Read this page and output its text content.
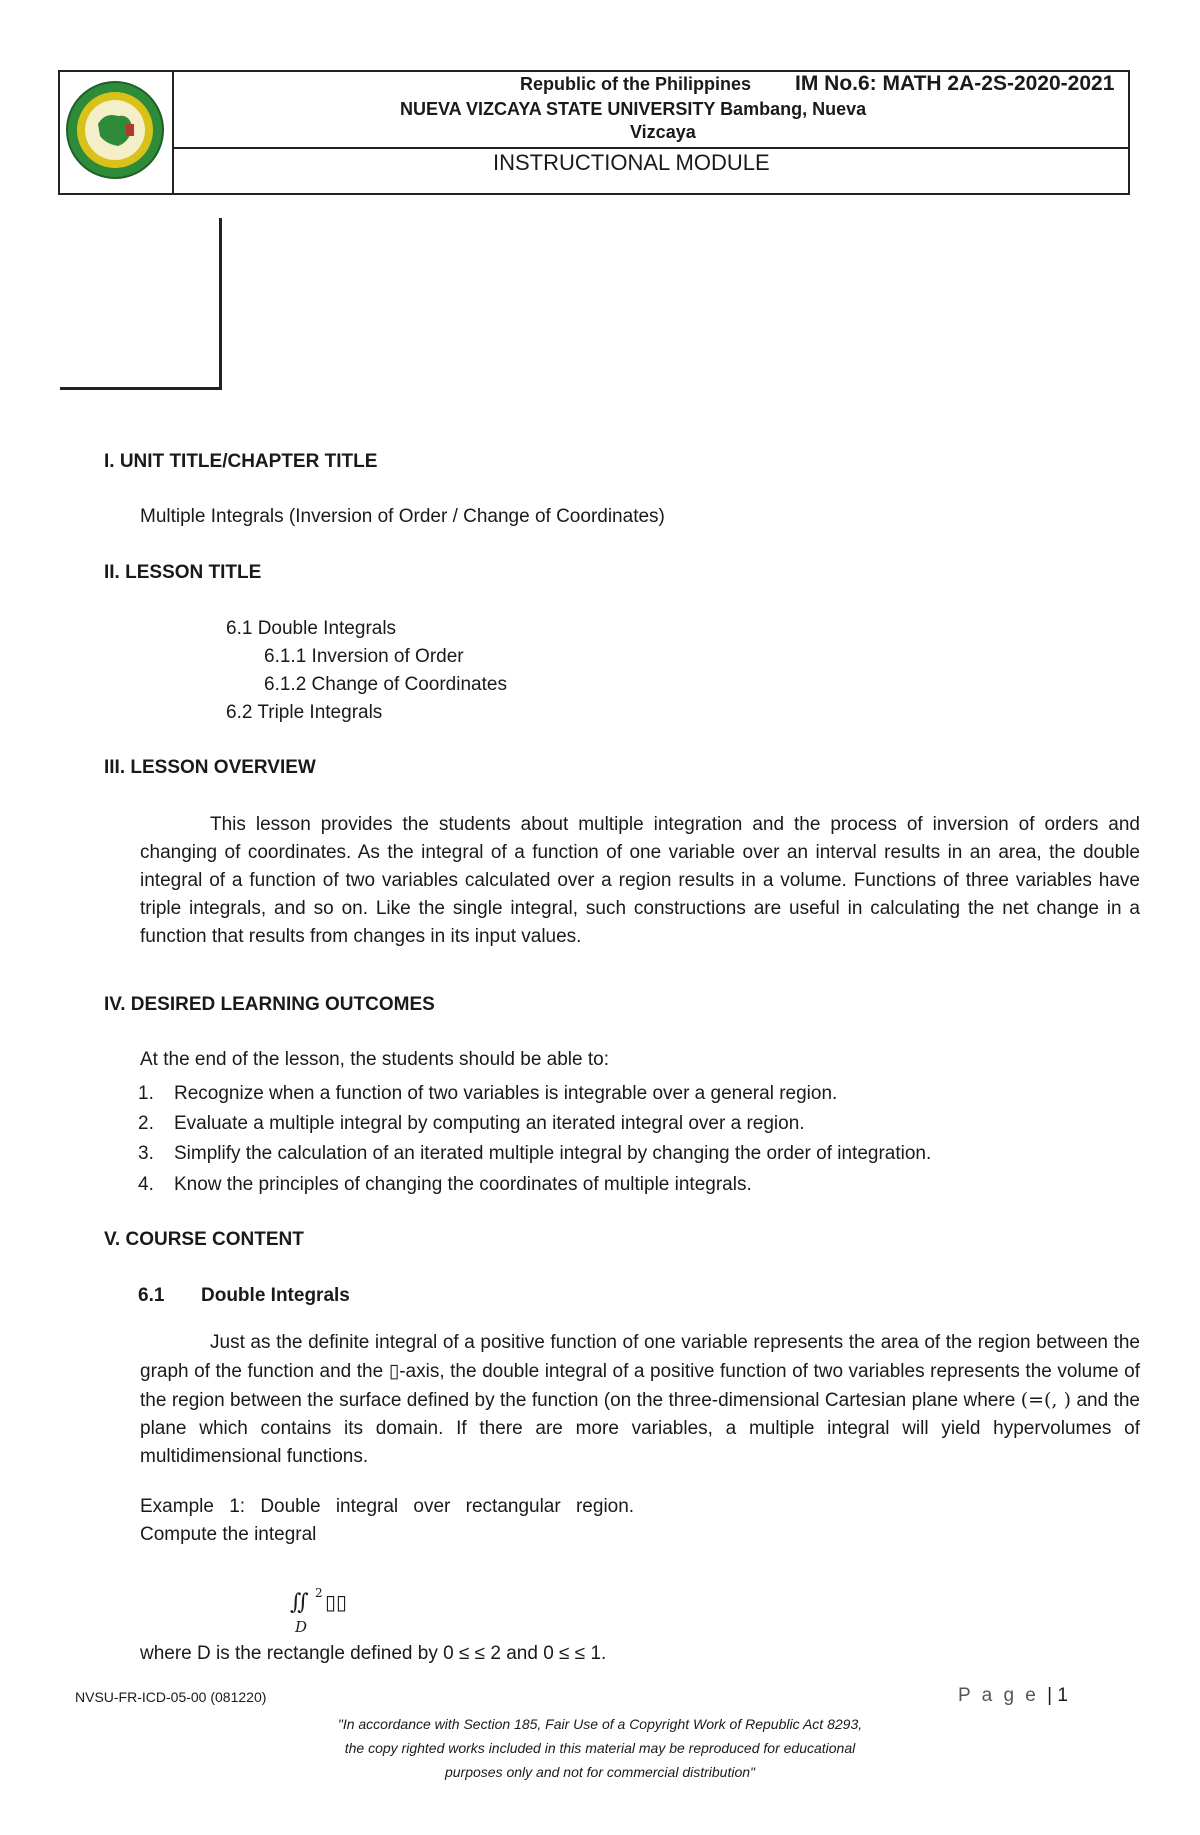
Republic of the Philippines IM No.6: MATH 2A-2S-2020-2021
NUEVA VIZCAYA STATE UNIVERSITY Bambang, Nueva
Vizcaya
INSTRUCTIONAL MODULE
I. UNIT TITLE/CHAPTER TITLE
Multiple Integrals (Inversion of Order / Change of Coordinates)
II. LESSON TITLE
6.1 Double Integrals
6.1.1 Inversion of Order
6.1.2 Change of Coordinates
6.2 Triple Integrals
III. LESSON OVERVIEW
This lesson provides the students about multiple integration and the process of inversion of orders and changing of coordinates. As the integral of a function of one variable over an interval results in an area, the double integral of a function of two variables calculated over a region results in a volume. Functions of three variables have triple integrals, and so on. Like the single integral, such constructions are useful in calculating the net change in a function that results from changes in its input values.
IV. DESIRED LEARNING OUTCOMES
At the end of the lesson, the students should be able to:
1. Recognize when a function of two variables is integrable over a general region.
2. Evaluate a multiple integral by computing an iterated integral over a region.
3. Simplify the calculation of an iterated multiple integral by changing the order of integration.
4. Know the principles of changing the coordinates of multiple integrals.
V. COURSE CONTENT
6.1 Double Integrals
Just as the definite integral of a positive function of one variable represents the area of the region between the graph of the function and the ▯-axis, the double integral of a positive function of two variables represents the volume of the region between the surface defined by the function (on the three-dimensional Cartesian plane where (=(, ) and the plane which contains its domain. If there are more variables, a multiple integral will yield hypervolumes of multidimensional functions.
Example 1: Double integral over rectangular region.
Compute the integral
∬ 2 ▯▯
𝐷
where D is the rectangle defined by 0 ≤ ≤ 2 and 0 ≤ ≤ 1.
NVSU-FR-ICD-05-00 (081220)	P a g e | 1
"In accordance with Section 185, Fair Use of a Copyright Work of Republic Act 8293,
the copy righted works included in this material may be reproduced for educational
purposes only and not for commercial distribution"
